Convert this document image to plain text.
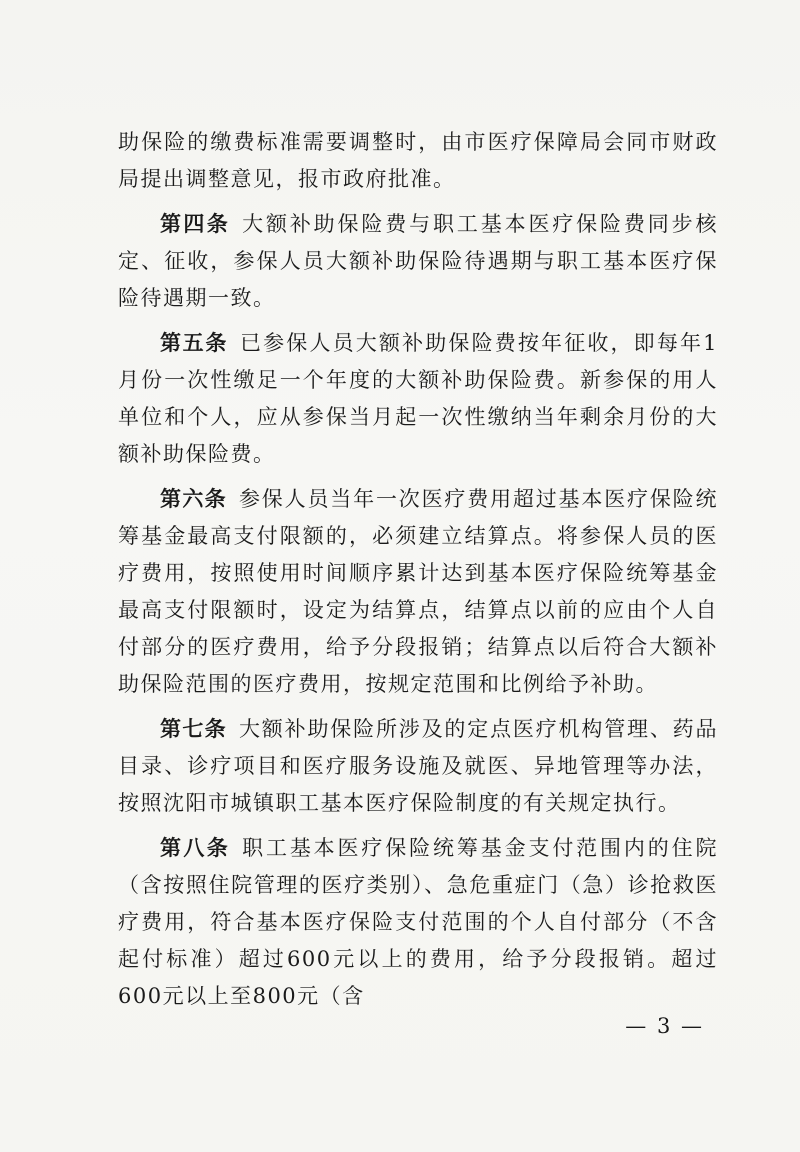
助保险的缴费标准需要调整时，由市医疗保障局会同市财政局提出调整意见，报市政府批准。

第四条 大额补助保险费与职工基本医疗保险费同步核定、征收，参保人员大额补助保险待遇期与职工基本医疗保险待遇期一致。

第五条 已参保人员大额补助保险费按年征收，即每年1月份一次性缴足一个年度的大额补助保险费。新参保的用人单位和个人，应从参保当月起一次性缴纳当年剩余月份的大额补助保险费。

第六条 参保人员当年一次医疗费用超过基本医疗保险统筹基金最高支付限额的，必须建立结算点。将参保人员的医疗费用，按照使用时间顺序累计达到基本医疗保险统筹基金最高支付限额时，设定为结算点，结算点以前的应由个人自付部分的医疗费用，给予分段报销；结算点以后符合大额补助保险范围的医疗费用，按规定范围和比例给予补助。

第七条 大额补助保险所涉及的定点医疗机构管理、药品目录、诊疗项目和医疗服务设施及就医、异地管理等办法，按照沈阳市城镇职工基本医疗保险制度的有关规定执行。

第八条 职工基本医疗保险统筹基金支付范围内的住院（含按照住院管理的医疗类别）、急危重症门（急）诊抢救医疗费用，符合基本医疗保险支付范围的个人自付部分（不含起付标准）超过600元以上的费用，给予分段报销。超过600元以上至800元（含

— 3 —
